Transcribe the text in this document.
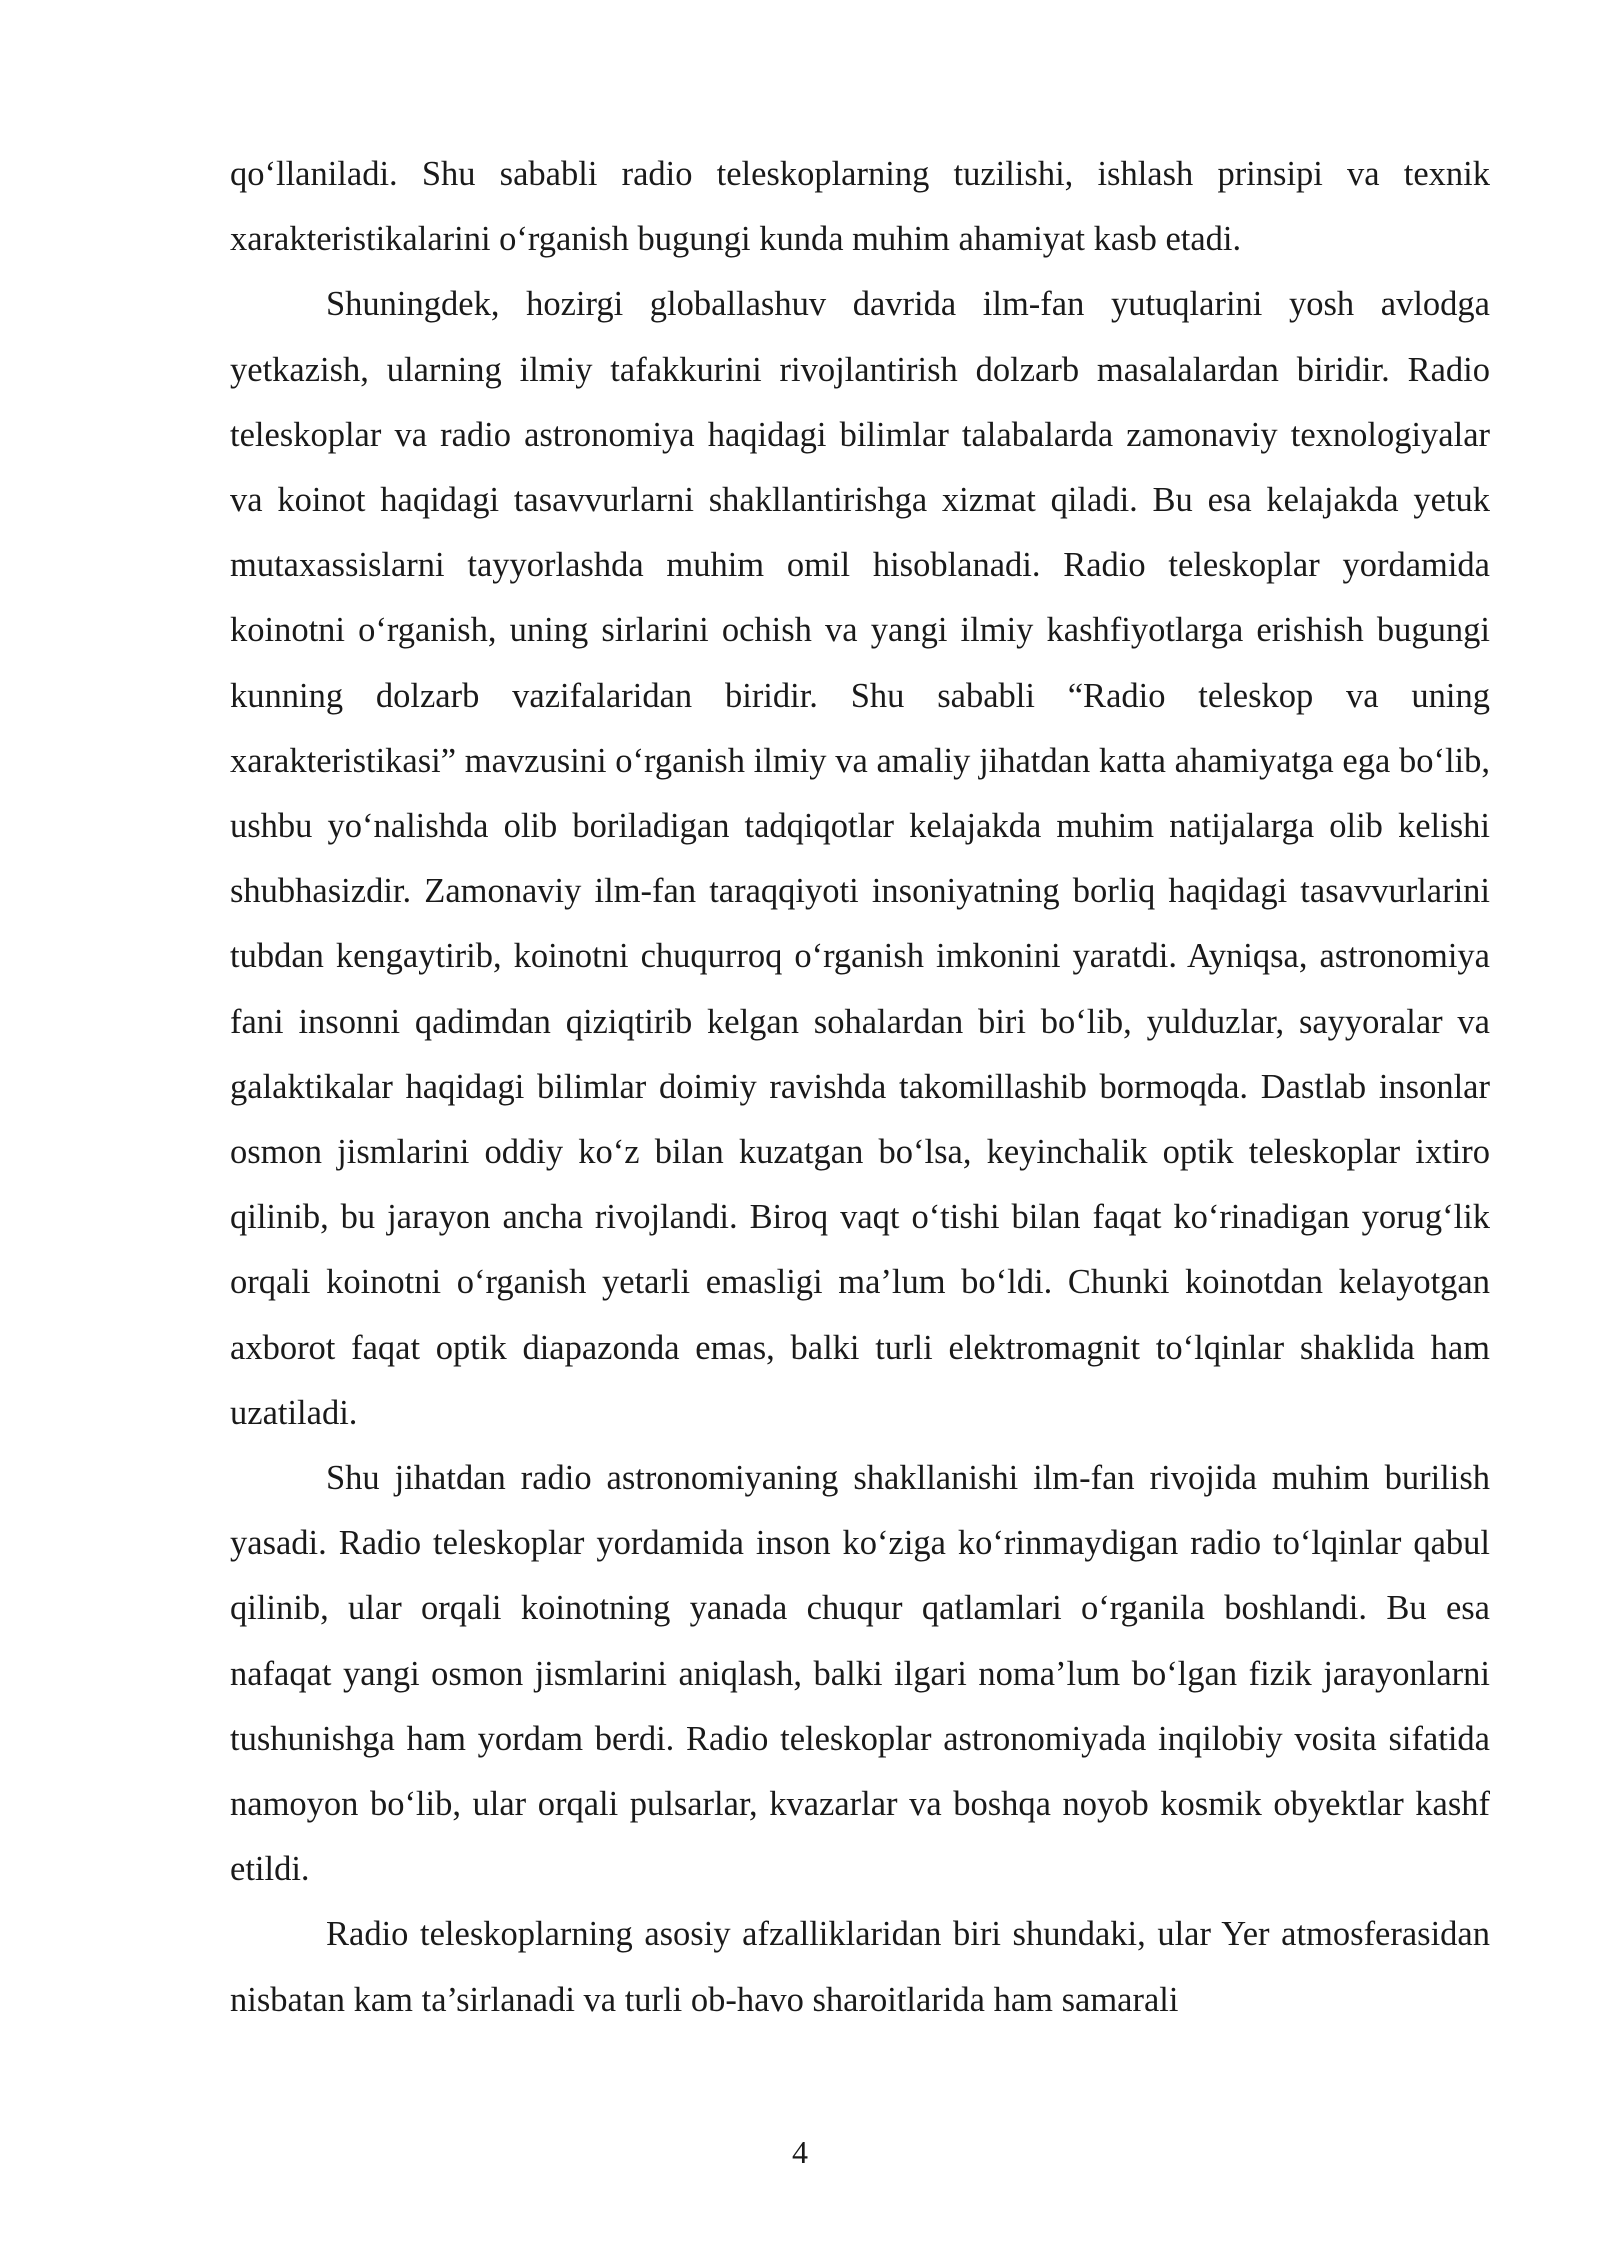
qo‘llaniladi. Shu sababli radio teleskoplarning tuzilishi, ishlash prinsipi va texnik xarakteristikalarini o‘rganish bugungi kunda muhim ahamiyat kasb etadi.

Shuningdek, hozirgi globallashuv davrida ilm-fan yutuqlarini yosh avlodga yetkazish, ularning ilmiy tafakkurini rivojlantirish dolzarb masalalardan biridir. Radio teleskoplar va radio astronomiya haqidagi bilimlar talabalarda zamonaviy texnologiyalar va koinot haqidagi tasavvurlarni shakllantirishga xizmat qiladi. Bu esa kelajakda yetuk mutaxassislarni tayyorlashda muhim omil hisoblanadi. Radio teleskoplar yordamida koinotni o‘rganish, uning sirlarini ochish va yangi ilmiy kashfiyotlarga erishish bugungi kunning dolzarb vazifalaridan biridir. Shu sababli “Radio teleskop va uning xarakteristikasi” mavzusini o‘rganish ilmiy va amaliy jihatdan katta ahamiyatga ega bo‘lib, ushbu yo‘nalishda olib boriladigan tadqiqotlar kelajakda muhim natijalarga olib kelishi shubhasizdir. Zamonaviy ilm-fan taraqqiyoti insoniyatning borliq haqidagi tasavvurlarini tubdan kengaytirib, koinotni chuqurroq o‘rganish imkonini yaratdi. Ayniqsa, astronomiya fani insonni qadimdan qiziqtirib kelgan sohalardan biri bo‘lib, yulduzlar, sayyoralar va galaktikalar haqidagi bilimlar doimiy ravishda takomillashib bormoqda. Dastlab insonlar osmon jismlarini oddiy ko‘z bilan kuzatgan bo‘lsa, keyinchalik optik teleskoplar ixtiro qilinib, bu jarayon ancha rivojlandi. Biroq vaqt o‘tishi bilan faqat ko‘rinadigan yorug‘lik orqali koinotni o‘rganish yetarli emasligi ma’lum bo‘ldi. Chunki koinotdan kelayotgan axborot faqat optik diapazonda emas, balki turli elektromagnit to‘lqinlar shaklida ham uzatiladi.

Shu jihatdan radio astronomiyaning shakllanishi ilm-fan rivojida muhim burilish yasadi. Radio teleskoplar yordamida inson ko‘ziga ko‘rinmaydigan radio to‘lqinlar qabul qilinib, ular orqali koinotning yanada chuqur qatlamlari o‘rganila boshlandi. Bu esa nafaqat yangi osmon jismlarini aniqlash, balki ilgari noma’lum bo‘lgan fizik jarayonlarni tushunishga ham yordam berdi. Radio teleskoplar astronomiyada inqilobiy vosita sifatida namoyon bo‘lib, ular orqali pulsarlar, kvazarlar va boshqa noyob kosmik obyektlar kashf etildi.

Radio teleskoplarning asosiy afzalliklaridan biri shundaki, ular Yer atmosferasidan nisbatan kam ta’sirlanadi va turli ob-havo sharoitlarida ham samarali

4
